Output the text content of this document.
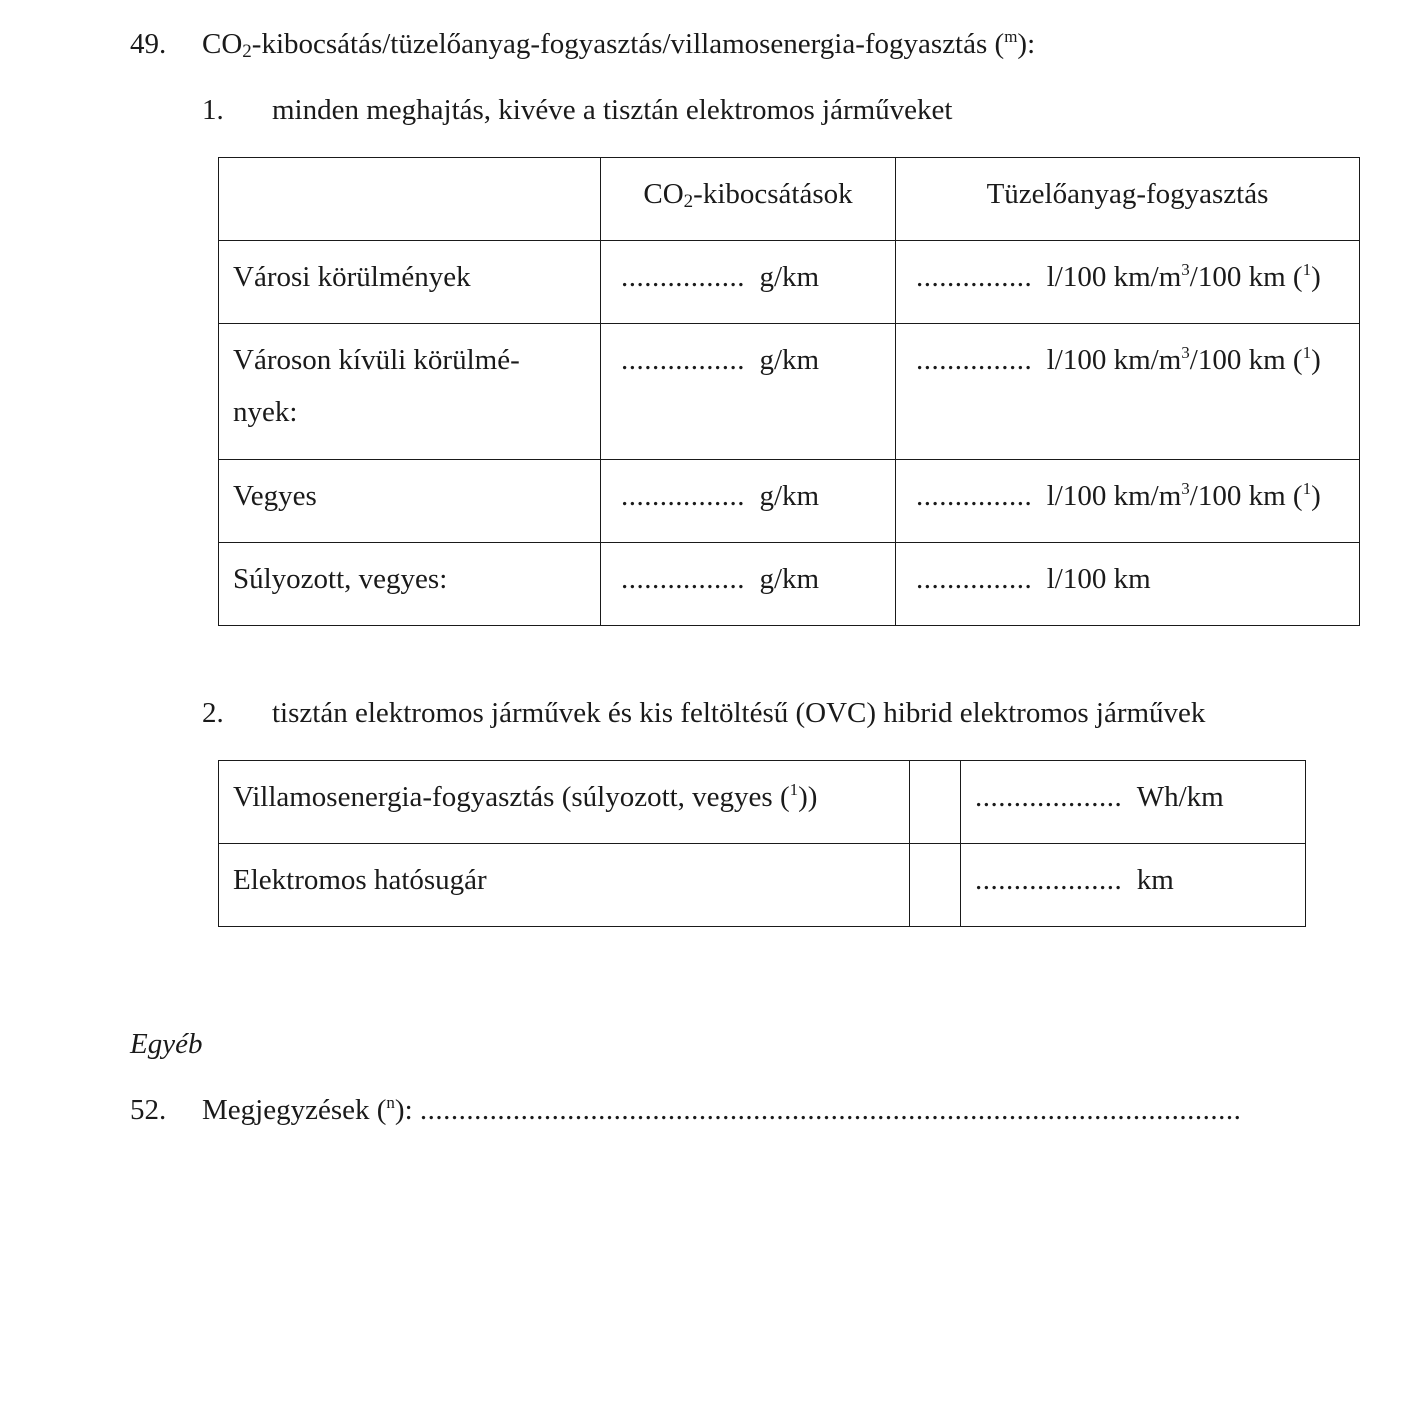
49. $CO_2-kibocsátás/tüzelőanyag-fogyasztás/villamosenergia$-fogyasztás ($^m$):
1. minden meghajtás, kivéve a tisztán elektromos járműveket

	$CO_2$-kibocsátások	Tüzelőanyag-fogyasztás

Városi körülmények	................ g/km	............... l/100 $km/m^3/100$ km ($^1$)

Városon kívüli körülmé-
nyek:	................ g/km	............... l/100 $km/m^3/100$ km ($^1$)

Vegyes	................ g/km	............... l/100 $km/m^3/100$ km ($^1$)

Súlyozott, vegyes:	................ g/km	............... l/100 km
2. tisztán elektromos járművek és kis feltöltésű (OVC) hibrid elektromos járművek
Villamosenergia-fogyasztás (súlyozott, vegyes ($^1$))		................... Wh/km

Elektromos hatósugár		................... km
Egyéb
52. Megjegyzések ($^n$): ..........................................................................................................
